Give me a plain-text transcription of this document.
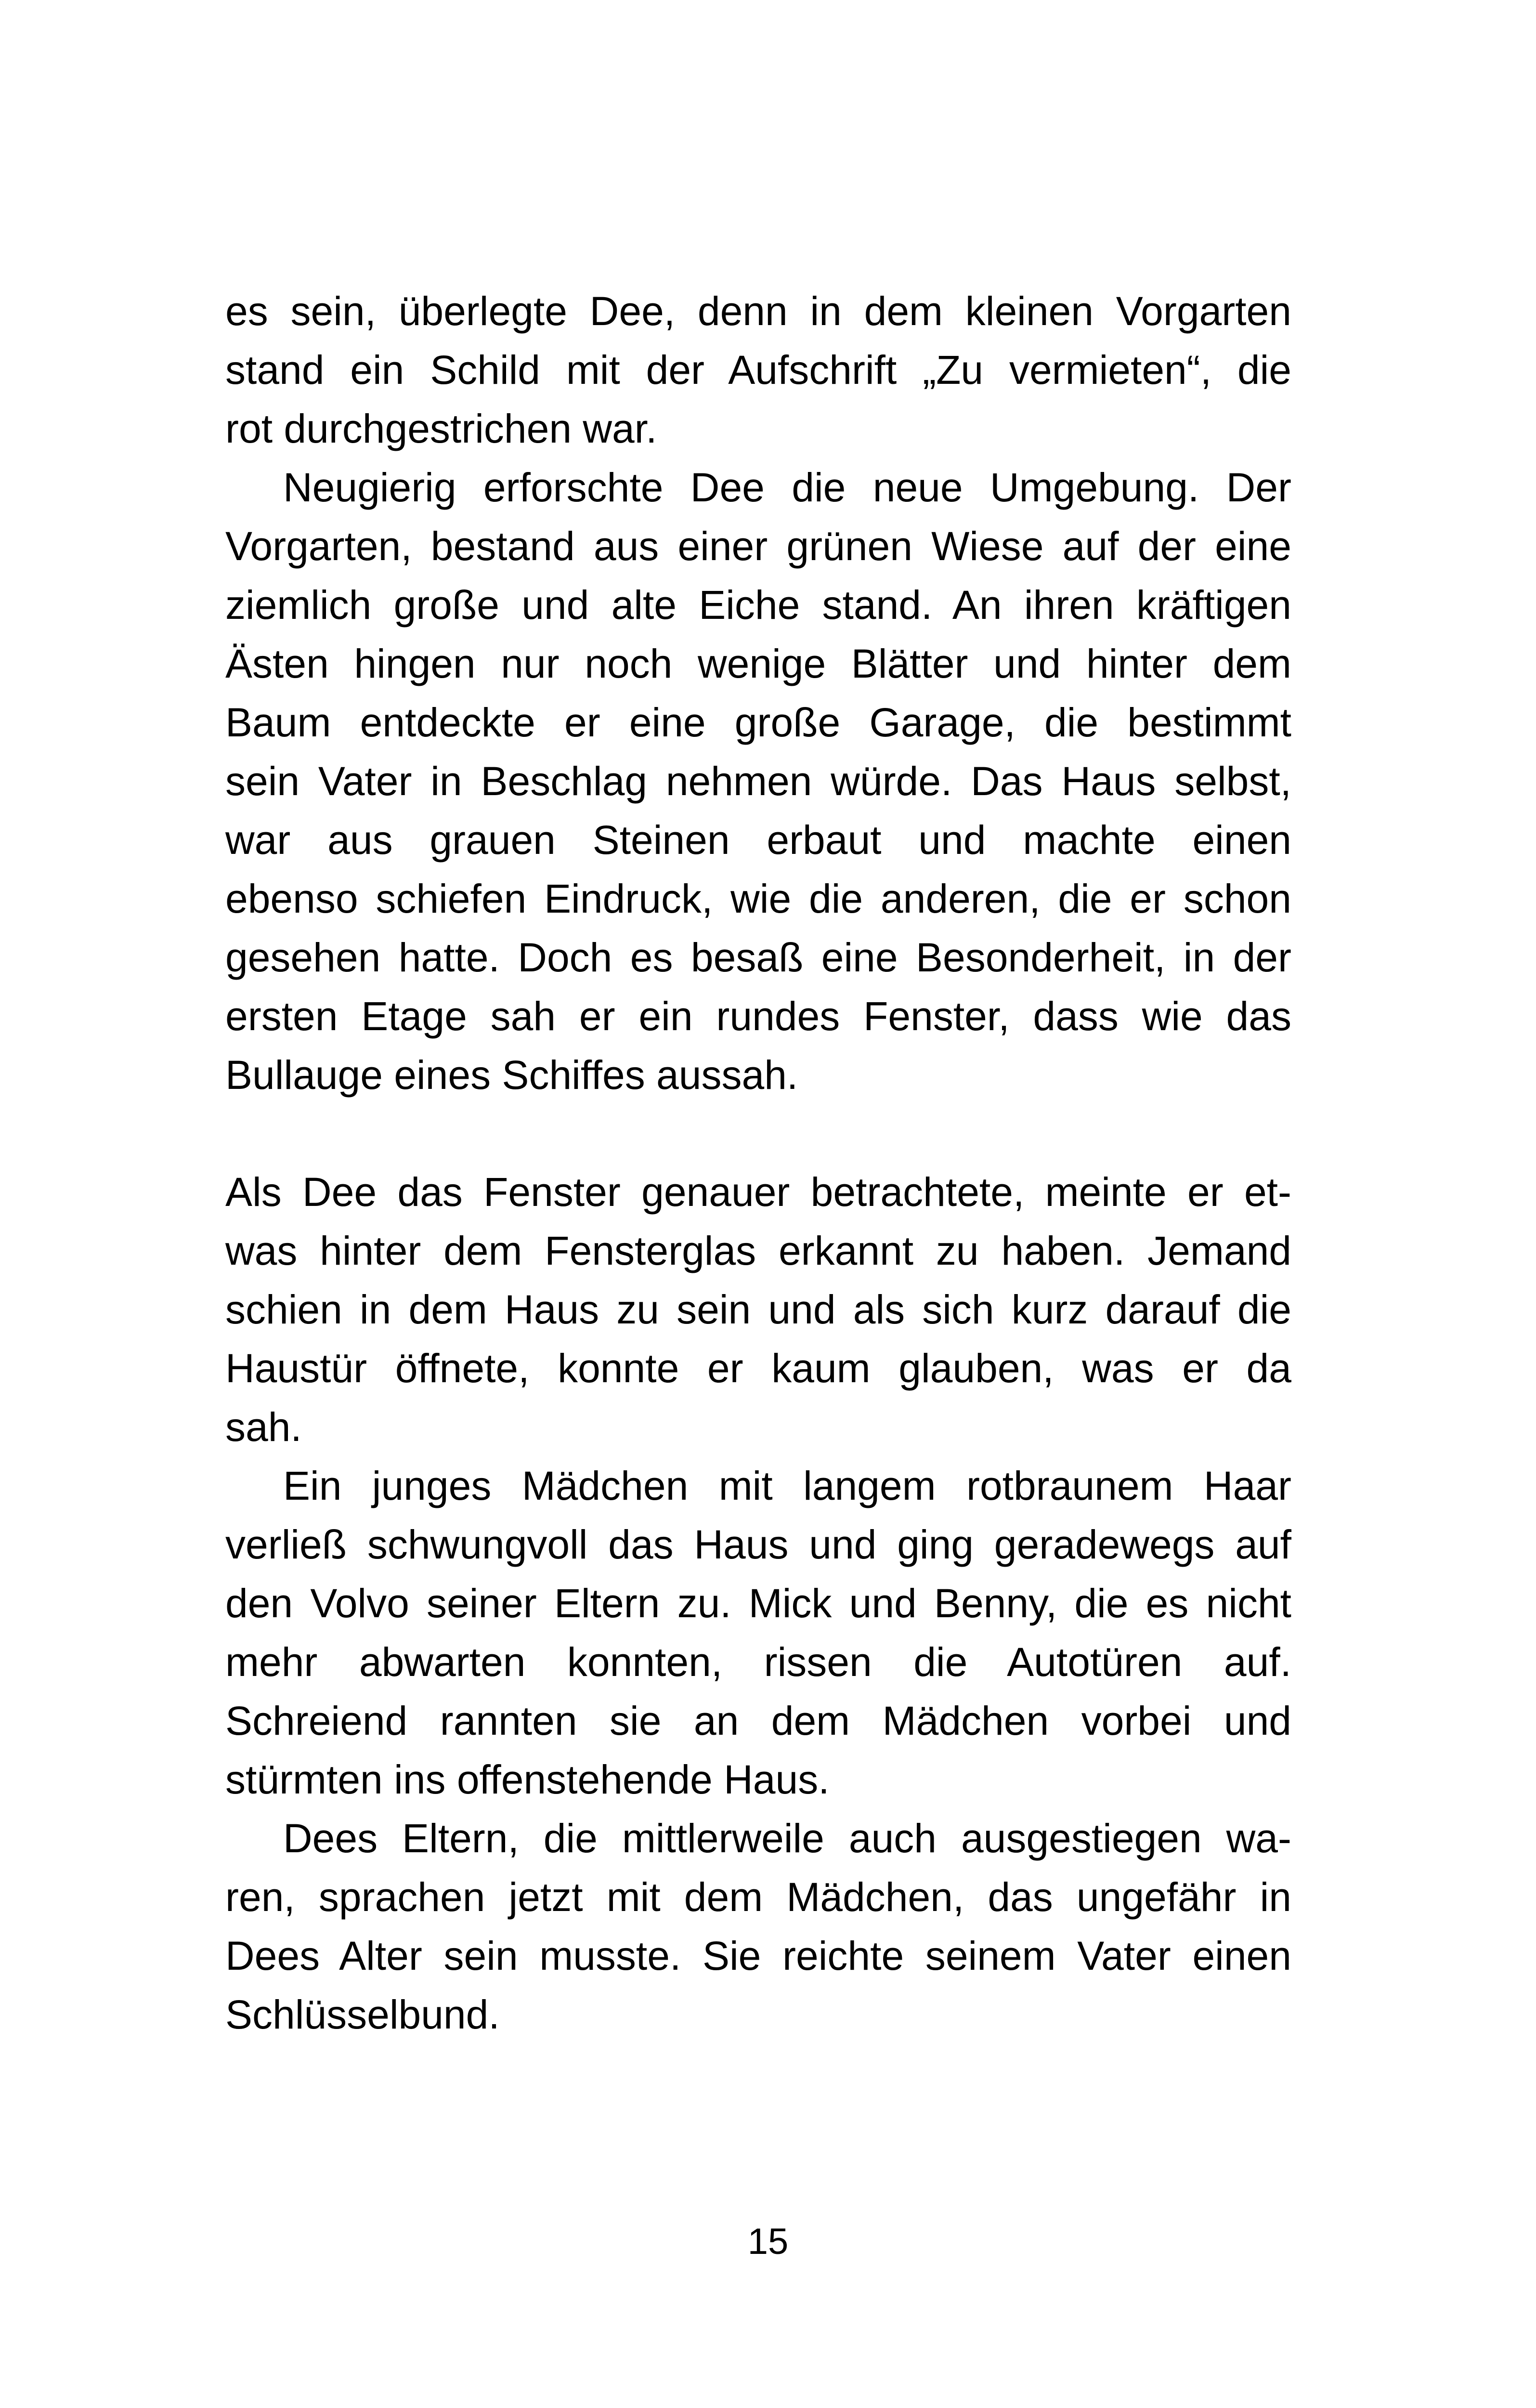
es sein, überlegte Dee, denn in dem kleinen Vorgarten
stand ein Schild mit der Aufschrift „Zu vermieten“, die
rot durchgestrichen war.
Neugierig erforschte Dee die neue Umgebung. Der
Vorgarten, bestand aus einer grünen Wiese auf der eine
ziemlich große und alte Eiche stand. An ihren kräftigen
Ästen hingen nur noch wenige Blätter und hinter dem
Baum entdeckte er eine große Garage, die bestimmt
sein Vater in Beschlag nehmen würde. Das Haus selbst,
war aus grauen Steinen erbaut und machte einen
ebenso schiefen Eindruck, wie die anderen, die er schon
gesehen hatte. Doch es besaß eine Besonderheit, in der
ersten Etage sah er ein rundes Fenster, dass wie das
Bullauge eines Schiffes aussah.
Als Dee das Fenster genauer betrachtete, meinte er et-
was hinter dem Fensterglas erkannt zu haben. Jemand
schien in dem Haus zu sein und als sich kurz darauf die
Haustür öffnete, konnte er kaum glauben, was er da
sah.
Ein junges Mädchen mit langem rotbraunem Haar
verließ schwungvoll das Haus und ging geradewegs auf
den Volvo seiner Eltern zu. Mick und Benny, die es nicht
mehr abwarten konnten, rissen die Autotüren auf.
Schreiend rannten sie an dem Mädchen vorbei und
stürmten ins offenstehende Haus.
Dees Eltern, die mittlerweile auch ausgestiegen wa-
ren, sprachen jetzt mit dem Mädchen, das ungefähr in
Dees Alter sein musste. Sie reichte seinem Vater einen
Schlüsselbund.
15
